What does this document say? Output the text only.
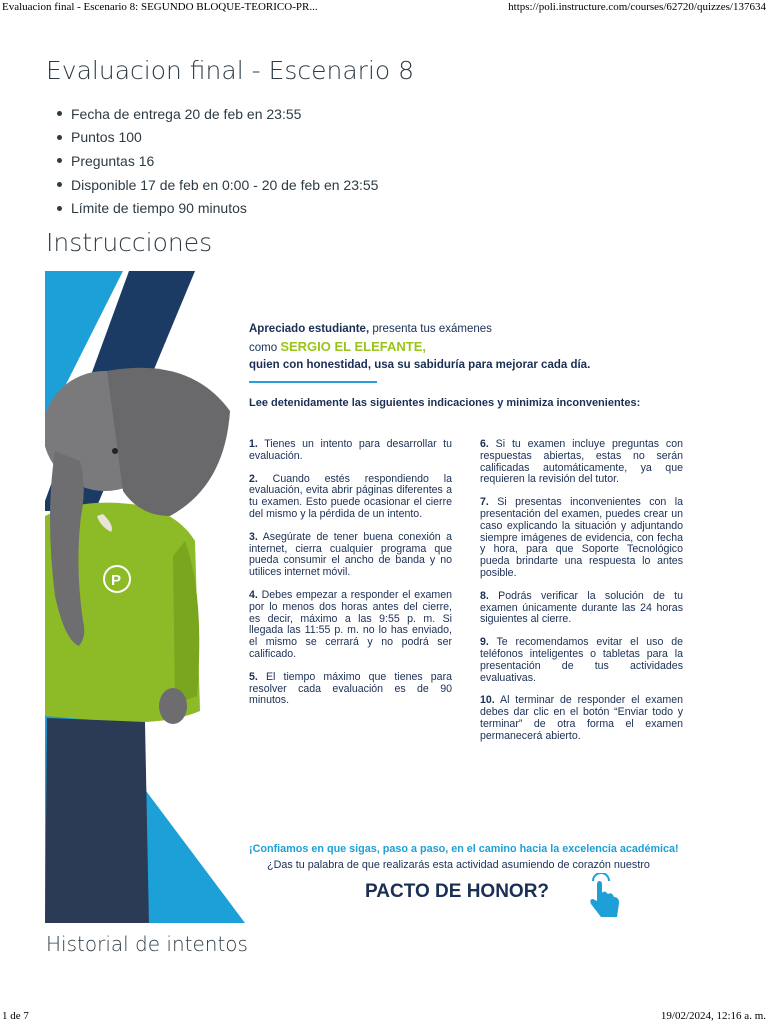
Evaluacion final - Escenario 8: SEGUNDO BLOQUE-TEORICO-PR...	https://poli.instructure.com/courses/62720/quizzes/137634
Evaluacion final - Escenario 8
Fecha de entrega 20 de feb en 23:55
Puntos 100
Preguntas 16
Disponible 17 de feb en 0:00 - 20 de feb en 23:55
Límite de tiempo 90 minutos
Instrucciones
P
Apreciado estudiante, presenta tus exámenes
como SERGIO EL ELEFANTE,
quien con honestidad, usa su sabiduría para mejorar cada día.
Lee detenidamente las siguientes indicaciones y minimiza inconvenientes:

1. Tienes un intento para desarrollar tu evaluación.

2. Cuando estés respondiendo la evaluación, evita abrir páginas diferentes a tu examen. Esto puede ocasionar el cierre del mismo y la pérdida de un intento.

3. Asegúrate de tener buena conexión a internet, cierra cualquier programa que pueda consumir el ancho de banda y no utilices internet móvil.

4. Debes empezar a responder el examen por lo menos dos horas antes del cierre, es decir, máximo a las 9:55 p. m. Si llegada las 11:55 p. m. no lo has enviado, el mismo se cerrará y no podrá ser calificado.

5. El tiempo máximo que tienes para resolver cada evaluación es de 90 minutos.

6. Si tu examen incluye preguntas con respuestas abiertas, estas no serán calificadas automáticamente, ya que requieren la revisión del tutor.

7. Si presentas inconvenientes con la presentación del examen, puedes crear un caso explicando la situación y adjuntando siempre imágenes de evidencia, con fecha y hora, para que Soporte Tecnológico pueda brindarte una respuesta lo antes posible.

8. Podrás verificar la solución de tu examen únicamente durante las 24 horas siguientes al cierre.

9. Te recomendamos evitar el uso de teléfonos inteligentes o tabletas para la presentación de tus actividades evaluativas.

10. Al terminar de responder el examen debes dar clic en el botón “Enviar todo y terminar” de otra forma el examen permanecerá abierto.

¡Confiamos en que sigas, paso a paso, en el camino hacia la excelencia académica!
¿Das tu palabra de que realizarás esta actividad asumiendo de corazón nuestro
PACTO DE HONOR?
Historial de intentos
1 de 7	19/02/2024, 12:16 a. m.
